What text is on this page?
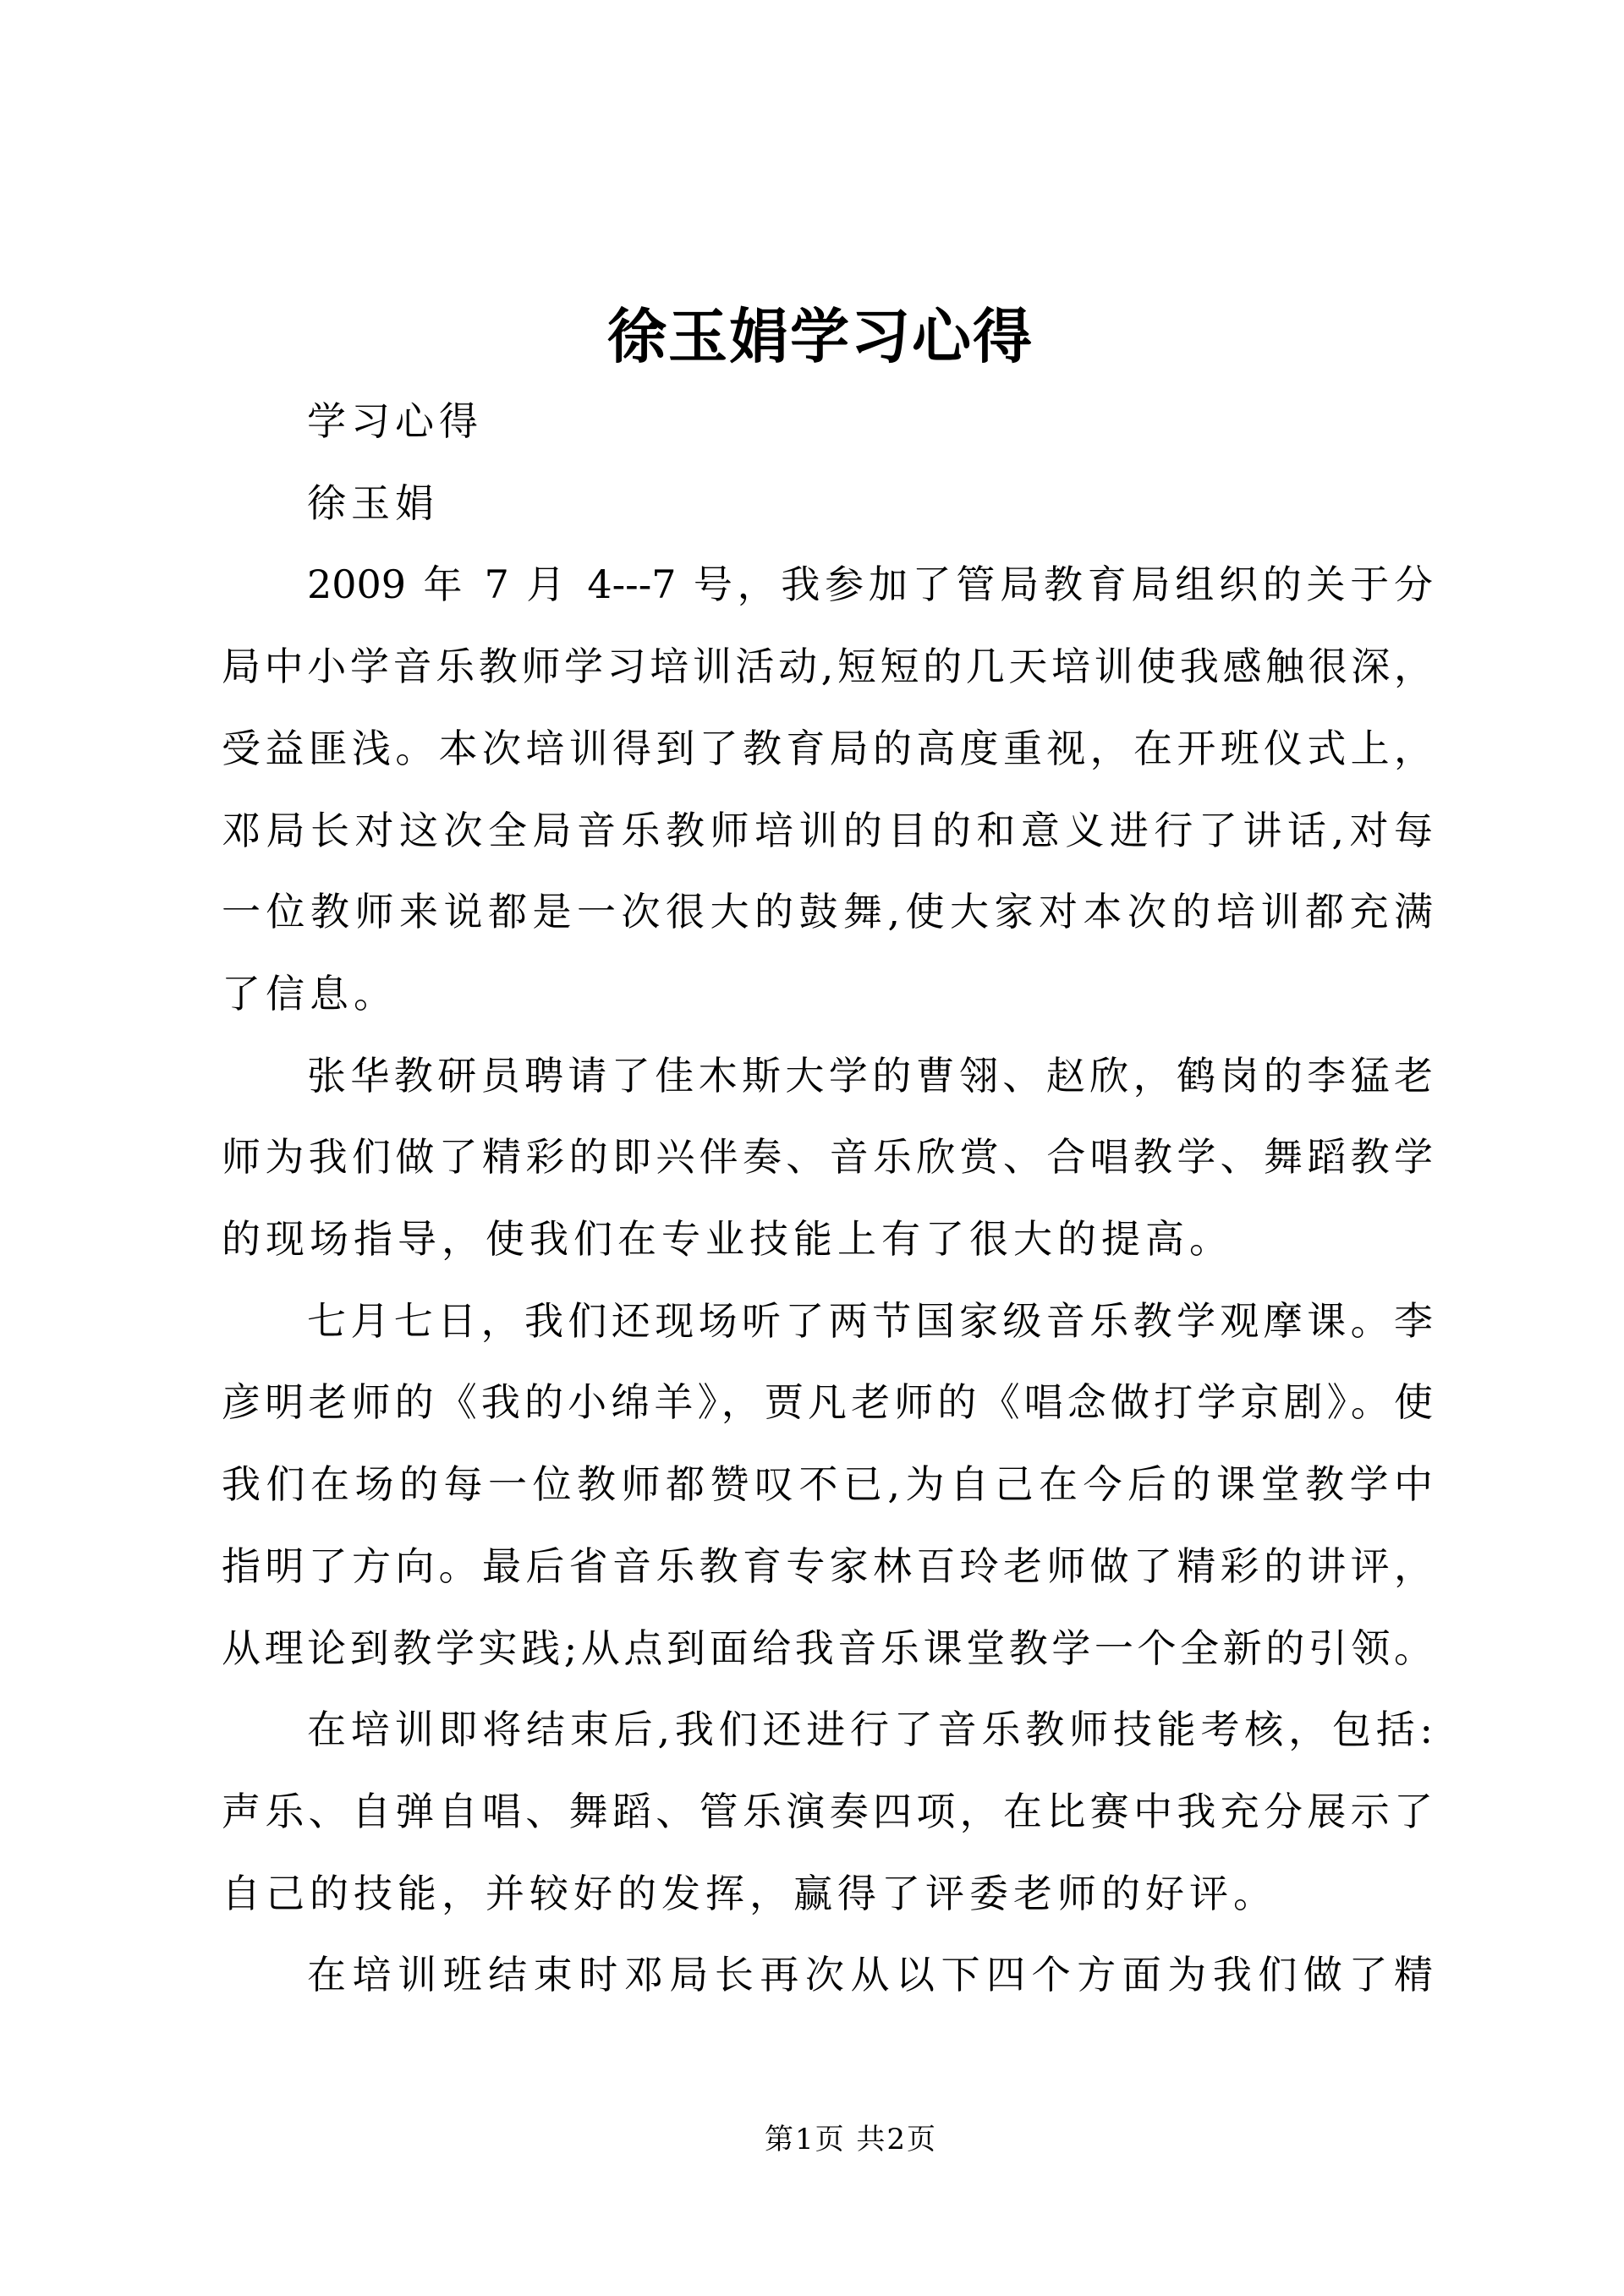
徐玉娟学习心得
学习心得
徐玉娟
2009 年 7 月 4---7 号，我参加了管局教育局组织的关于分
局中小学音乐教师学习培训活动,短短的几天培训使我感触很深，
受益匪浅。本次培训得到了教育局的高度重视，在开班仪式上，
邓局长对这次全局音乐教师培训的目的和意义进行了讲话,对每
一位教师来说都是一次很大的鼓舞,使大家对本次的培训都充满
了信息。
张华教研员聘请了佳木斯大学的曹翎、赵欣，鹤岗的李猛老
师为我们做了精彩的即兴伴奏、音乐欣赏、合唱教学、舞蹈教学
的现场指导，使我们在专业技能上有了很大的提高。
七月七日，我们还现场听了两节国家级音乐教学观摩课。李
彦明老师的《我的小绵羊》，贾凡老师的《唱念做打学京剧》。使
我们在场的每一位教师都赞叹不已,为自己在今后的课堂教学中
指明了方向。最后省音乐教育专家林百玲老师做了精彩的讲评，
从理论到教学实践;从点到面给我音乐课堂教学一个全新的引领。
在培训即将结束后,我们还进行了音乐教师技能考核，包括:
声乐、自弹自唱、舞蹈、管乐演奏四项，在比赛中我充分展示了
自己的技能，并较好的发挥，赢得了评委老师的好评。
在培训班结束时邓局长再次从以下四个方面为我们做了精
第1页 共2页
